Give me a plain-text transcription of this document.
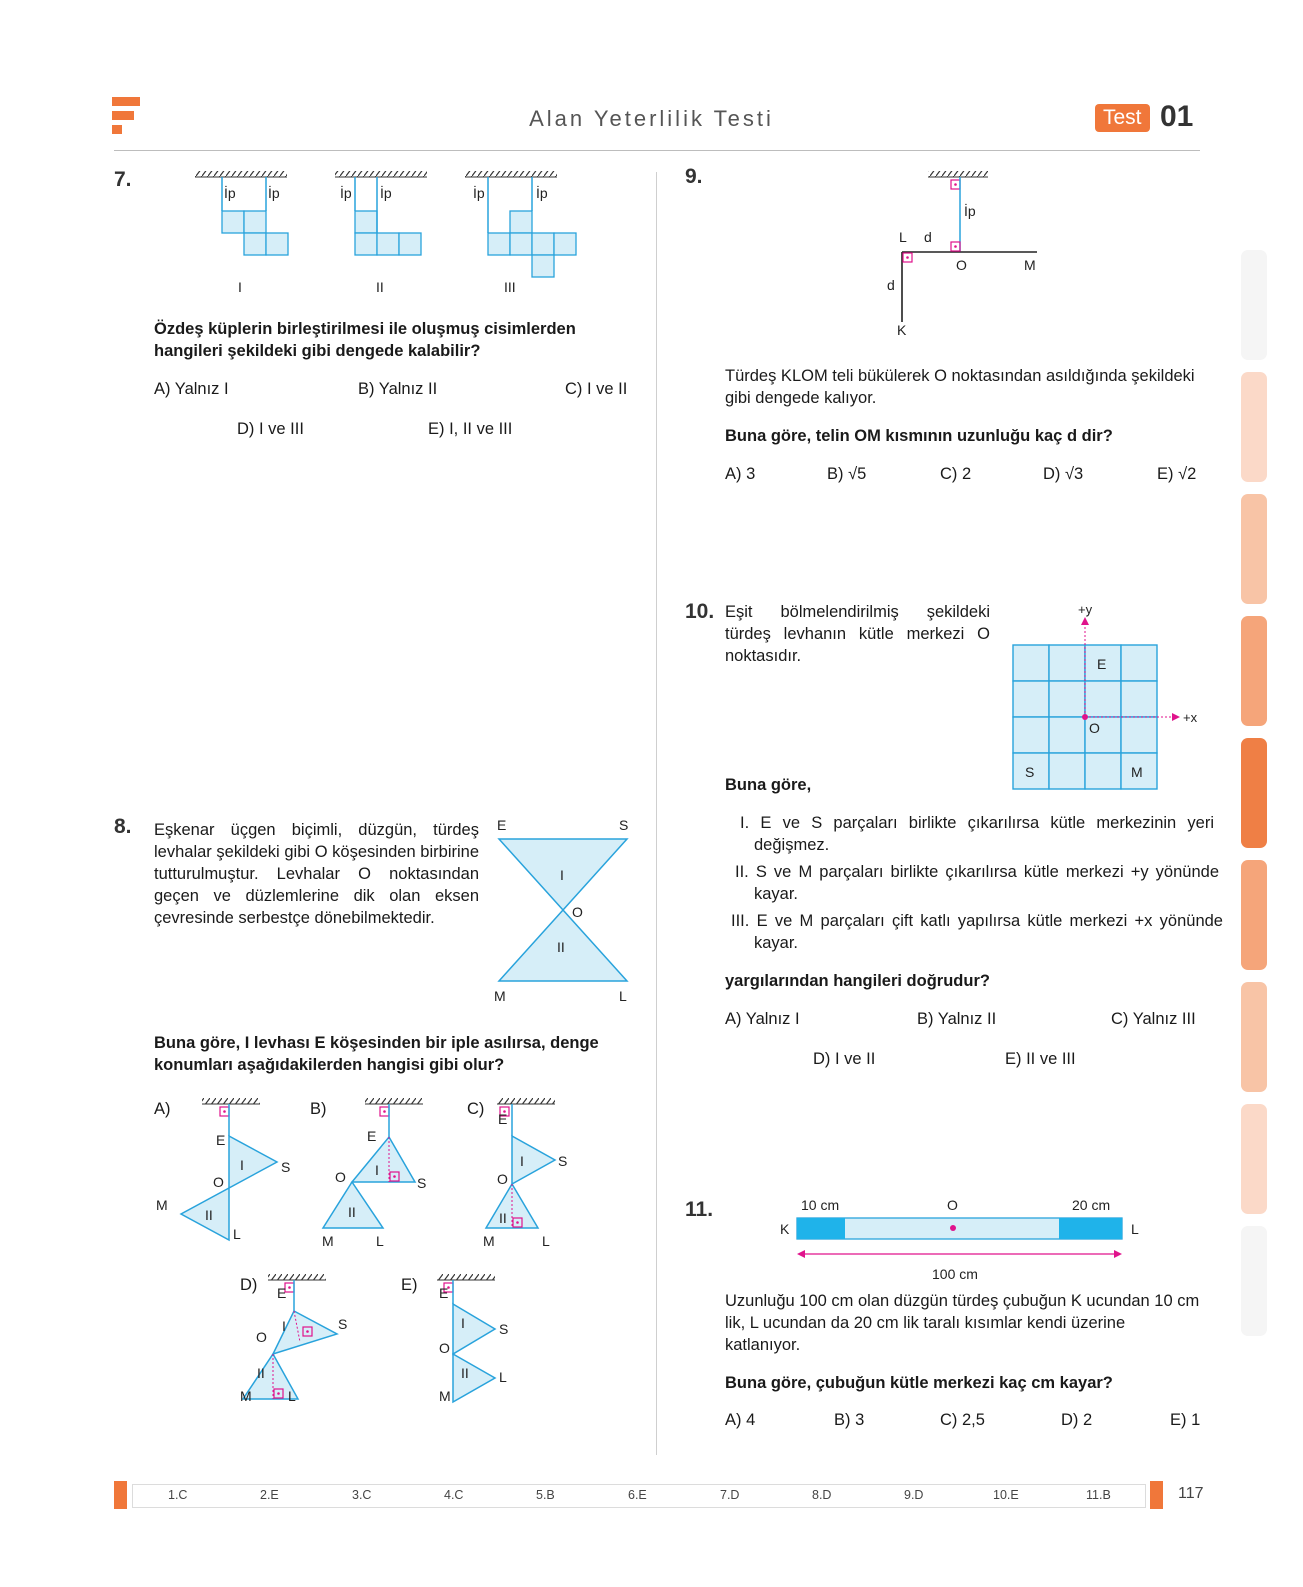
Alan Yeterlilik Testi	Test 01
7.
İp İp
I
İp İp
II
İp	İp
III
Özdeş küplerin birleştirilmesi ile oluşmuş cisimlerden hangileri şekildeki gibi dengede kalabilir?
A) Yalnız I	B) Yalnız II	C) I ve II
D) I ve III	E) I, II ve III
8. Eşkenar üçgen biçimli, düzgün, türdeş levhalar şekildeki gibi O köşesinden birbirine tutturulmuştur. Levhalar O noktasından geçen ve düzlemlerine dik olan eksen çevresinde serbestçe dönebilmektedir.
E	S
I
O
II
M	L
Buna göre, I levhası E köşesinden bir iple asılırsa, denge konumları aşağıdakilerden hangisi gibi olur?
A)
E
I	S
O
II
M
L
B)
E
I
S
O
II
M	L
C)
E
I S
O
II
M	L
D) E
I	S
O
II
M	L
E) E
I S
O
II L
M
9.
İp
L d
O	M
d
K
Türdeş KLOM teli bükülerek O noktasından asıldığında şekildeki gibi dengede kalıyor.
Buna göre, telin OM kısmının uzunluğu kaç d dir?
A) 3	B) √5	C) 2	D) √3	E) √2
10. Eşit bölmelendirilmiş şekildeki türdeş levhanın kütle merkezi O noktasıdır.
+y
+x
E
O
S	M
Buna göre,
I. E ve S parçaları birlikte çıkarılırsa kütle merkezinin yeri değişmez.
II. S ve M parçaları birlikte çıkarılırsa kütle merkezi +y yönünde kayar.
III. E ve M parçaları çift katlı yapılırsa kütle merkezi +x yönünde kayar.
yargılarından hangileri doğrudur?
A) Yalnız I	B) Yalnız II	C) Yalnız III
D) I ve II	E) II ve III
11.	10 cm	O	20 cm
K	L
100 cm
Uzunluğu 100 cm olan düzgün türdeş çubuğun K ucundan 10 cm lik, L ucundan da 20 cm lik taralı kısımlar kendi üzerine katlanıyor.
Buna göre, çubuğun kütle merkezi kaç cm kayar?
A) 4	B) 3	C) 2,5	D) 2	E) 1
1.C	2.E	3.C	4.C	5.B	6.E	7.D	8.D	9.D	10.E	11.B	117
